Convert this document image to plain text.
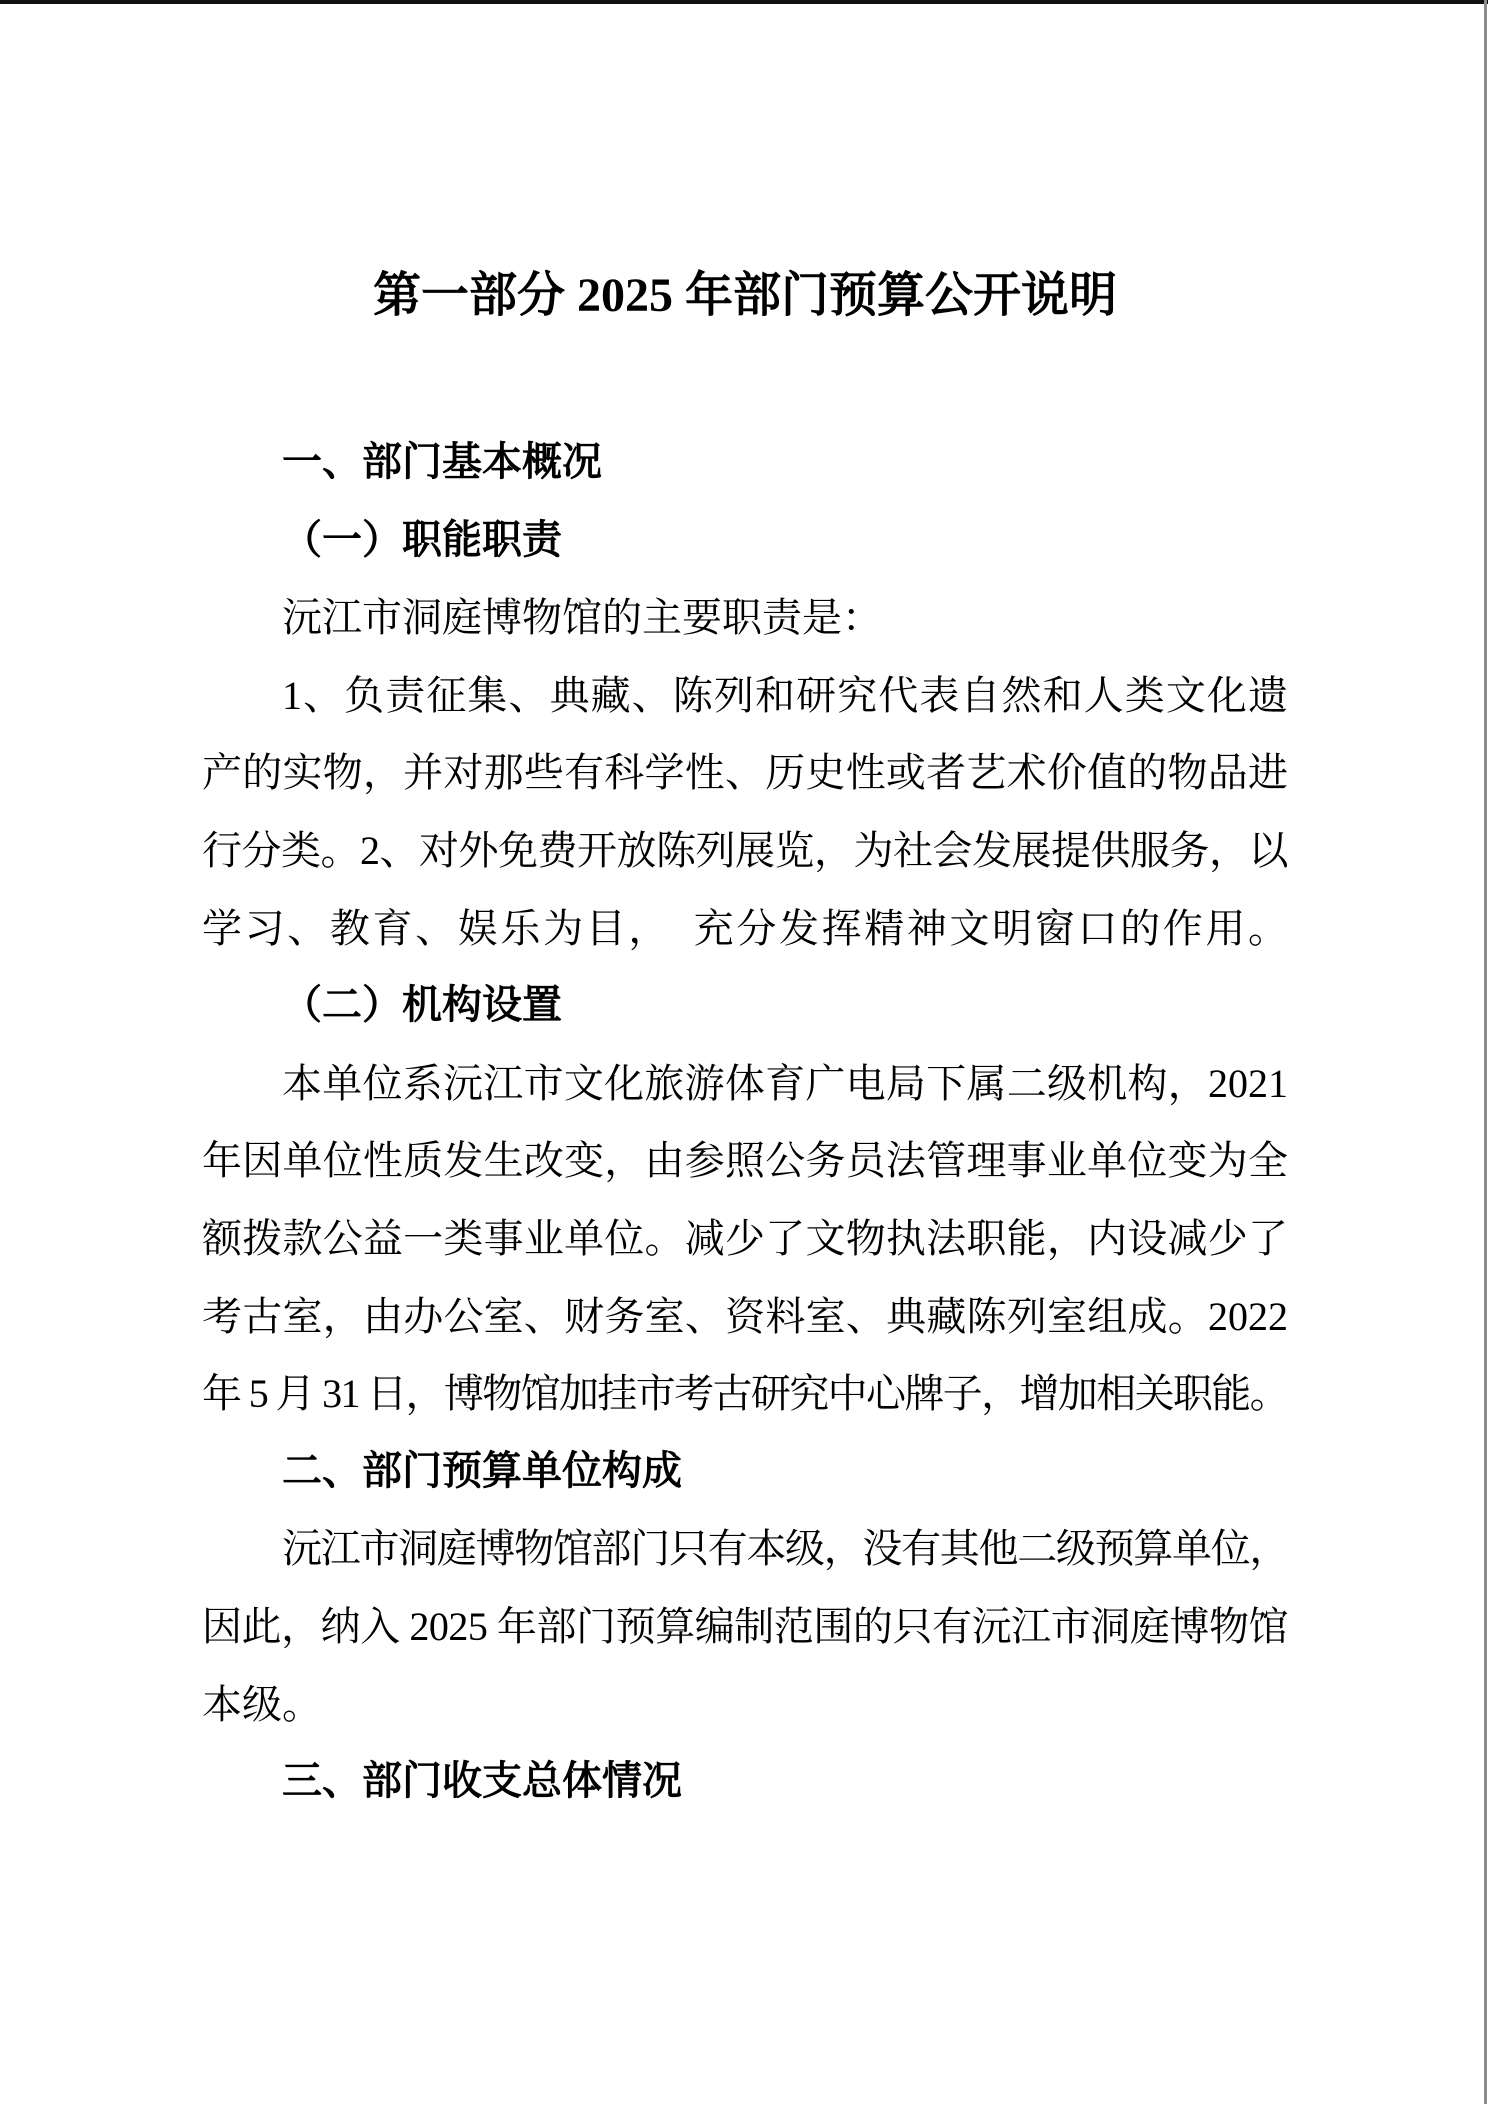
第一部分 2025 年部门预算公开说明
一、部门基本概况
（一）职能职责
沅江市洞庭博物馆的主要职责是：
1、负责征集、典藏、陈列和研究代表自然和人类文化遗
产的实物，并对那些有科学性、历史性或者艺术价值的物品进
行分类。2、对外免费开放陈列展览，为社会发展提供服务，以
学习、教育、娱乐为目，　充分发挥精神文明窗口的作用。
（二）机构设置
本单位系沅江市文化旅游体育广电局下属二级机构，2021
年因单位性质发生改变，由参照公务员法管理事业单位变为全
额拨款公益一类事业单位。减少了文物执法职能，内设减少了
考古室，由办公室、财务室、资料室、典藏陈列室组成。2022
年 5 月 31 日，博物馆加挂市考古研究中心牌子，增加相关职能。
二、部门预算单位构成
沅江市洞庭博物馆部门只有本级，没有其他二级预算单位，
因此，纳入 2025 年部门预算编制范围的只有沅江市洞庭博物馆
本级。
三、部门收支总体情况
